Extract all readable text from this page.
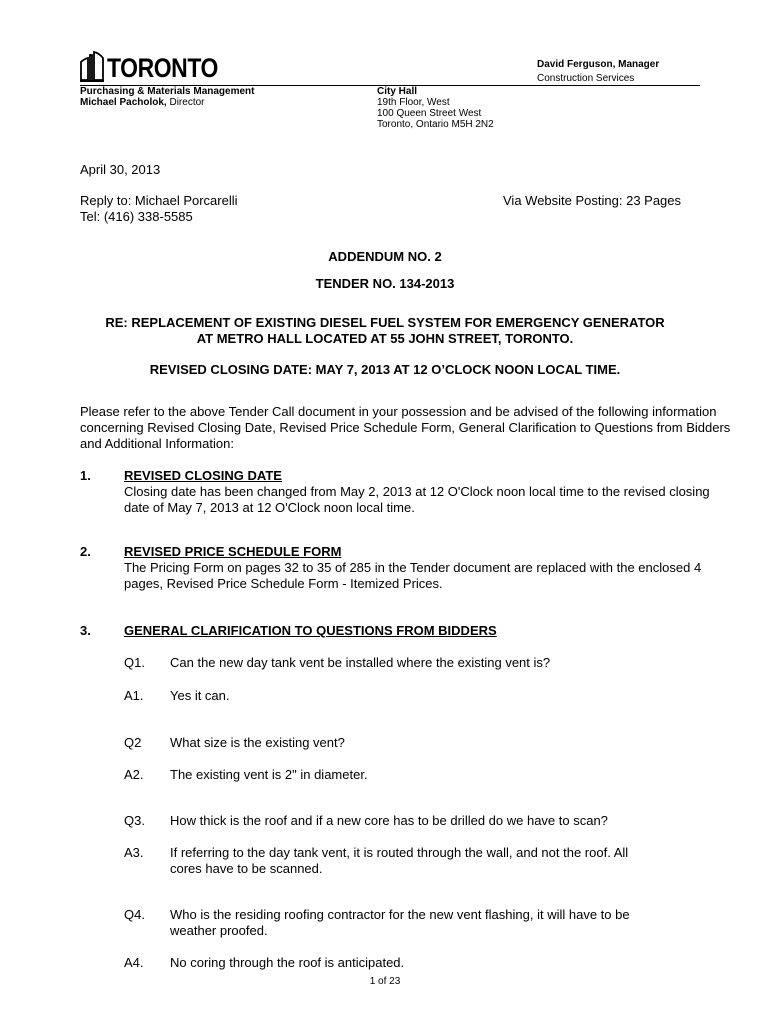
TORONTO	David Ferguson, Manager
Construction Services
Purchasing & Materials Management
Michael Pacholok, Director
City Hall
19th Floor, West
100 Queen Street West
Toronto, Ontario M5H 2N2
April 30, 2013
Reply to: Michael Porcarelli
Tel: (416) 338-5585
Via Website Posting: 23 Pages
ADDENDUM NO. 2
TENDER NO. 134-2013
RE: REPLACEMENT OF EXISTING DIESEL FUEL SYSTEM FOR EMERGENCY GENERATOR
AT METRO HALL LOCATED AT 55 JOHN STREET, TORONTO.
REVISED CLOSING DATE: MAY 7, 2013 AT 12 O’CLOCK NOON LOCAL TIME.
Please refer to the above Tender Call document in your possession and be advised of the following information concerning Revised Closing Date, Revised Price Schedule Form, General Clarification to Questions from Bidders and Additional Information:
1.	REVISED CLOSING DATE
Closing date has been changed from May 2, 2013 at 12 O'Clock noon local time to the revised closing date of May 7, 2013 at 12 O'Clock noon local time.
2.	REVISED PRICE SCHEDULE FORM
The Pricing Form on pages 32 to 35 of 285 in the Tender document are replaced with the enclosed 4 pages, Revised Price Schedule Form - Itemized Prices.
3.	GENERAL CLARIFICATION TO QUESTIONS FROM BIDDERS
Q1. Can the new day tank vent be installed where the existing vent is?
A1. Yes it can.
Q2 What size is the existing vent?
A2. The existing vent is 2" in diameter.
Q3. How thick is the roof and if a new core has to be drilled do we have to scan?
A3. If referring to the day tank vent, it is routed through the wall, and not the roof. All cores have to be scanned.
Q4. Who is the residing roofing contractor for the new vent flashing, it will have to be weather proofed.
A4. No coring through the roof is anticipated.
1 of 23
